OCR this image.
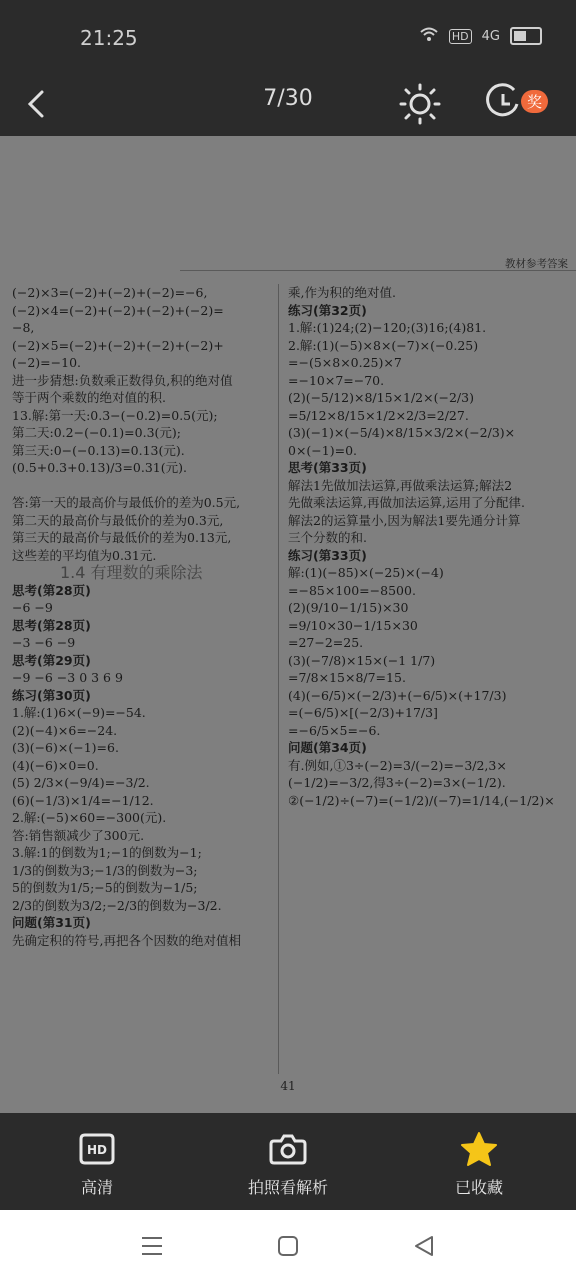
21:25	HD 4G
7/30	奖
教材参考答案
(−2)×3=(−2)+(−2)+(−2)=−6,
(−2)×4=(−2)+(−2)+(−2)+(−2)=
−8,
(−2)×5=(−2)+(−2)+(−2)+(−2)+
(−2)=−10.
进一步猜想:负数乘正数得负,积的绝对值
等于两个乘数的绝对值的积.
13.解:第一天:0.3−(−0.2)=0.5(元);
第二天:0.2−(−0.1)=0.3(元);
第三天:0−(−0.13)=0.13(元).
(0.5+0.3+0.13)/3=0.31(元).

答:第一天的最高价与最低价的差为0.5元,
第二天的最高价与最低价的差为0.3元,
第三天的最高价与最低价的差为0.13元,
这些差的平均值为0.31元.

思考(第28页)
−6 −9
思考(第28页)
−3 −6 −9
思考(第29页)
−9 −6 −3 0 3 6 9
练习(第30页)
1.解:(1)6×(−9)=−54.
(2)(−4)×6=−24.
(3)(−6)×(−1)=6.
(4)(−6)×0=0.
(5) 2/3×(−9/4)=−3/2.
(6)(−1/3)×1/4=−1/12.
2.解:(−5)×60=−300(元).
答:销售额减少了300元.
3.解:1的倒数为1;−1的倒数为−1;
1/3的倒数为3;−1/3的倒数为−3;
5的倒数为1/5;−5的倒数为−1/5;
2/3的倒数为3/2;−2/3的倒数为−3/2.
问题(第31页)
先确定积的符号,再把各个因数的绝对值相
乘,作为积的绝对值.
练习(第32页)
1.解:(1)24;(2)−120;(3)16;(4)81.
2.解:(1)(−5)×8×(−7)×(−0.25)
=−(5×8×0.25)×7
=−10×7=−70.
(2)(−5/12)×8/15×1/2×(−2/3)
=5/12×8/15×1/2×2/3=2/27.
(3)(−1)×(−5/4)×8/15×3/2×(−2/3)×
0×(−1)=0.
思考(第33页)
解法1先做加法运算,再做乘法运算;解法2
先做乘法运算,再做加法运算,运用了分配律.
解法2的运算量小,因为解法1要先通分计算
三个分数的和.
练习(第33页)
解:(1)(−85)×(−25)×(−4)
=−85×100=−8500.
(2)(9/10−1/15)×30
=9/10×30−1/15×30
=27−2=25.
(3)(−7/8)×15×(−1 1/7)
=7/8×15×8/7=15.
(4)(−6/5)×(−2/3)+(−6/5)×(+17/3)
=(−6/5)×[(−2/3)+17/3]
=−6/5×5=−6.
问题(第34页)
有.例如,①3÷(−2)=3/(−2)=−3/2,3×
(−1/2)=−3/2,得3÷(−2)=3×(−1/2).
②(−1/2)÷(−7)=(−1/2)/(−7)=1/14,(−1/2)×
1.4 有理数的乘除法
41
HD
高清	拍照看解析	已收藏
